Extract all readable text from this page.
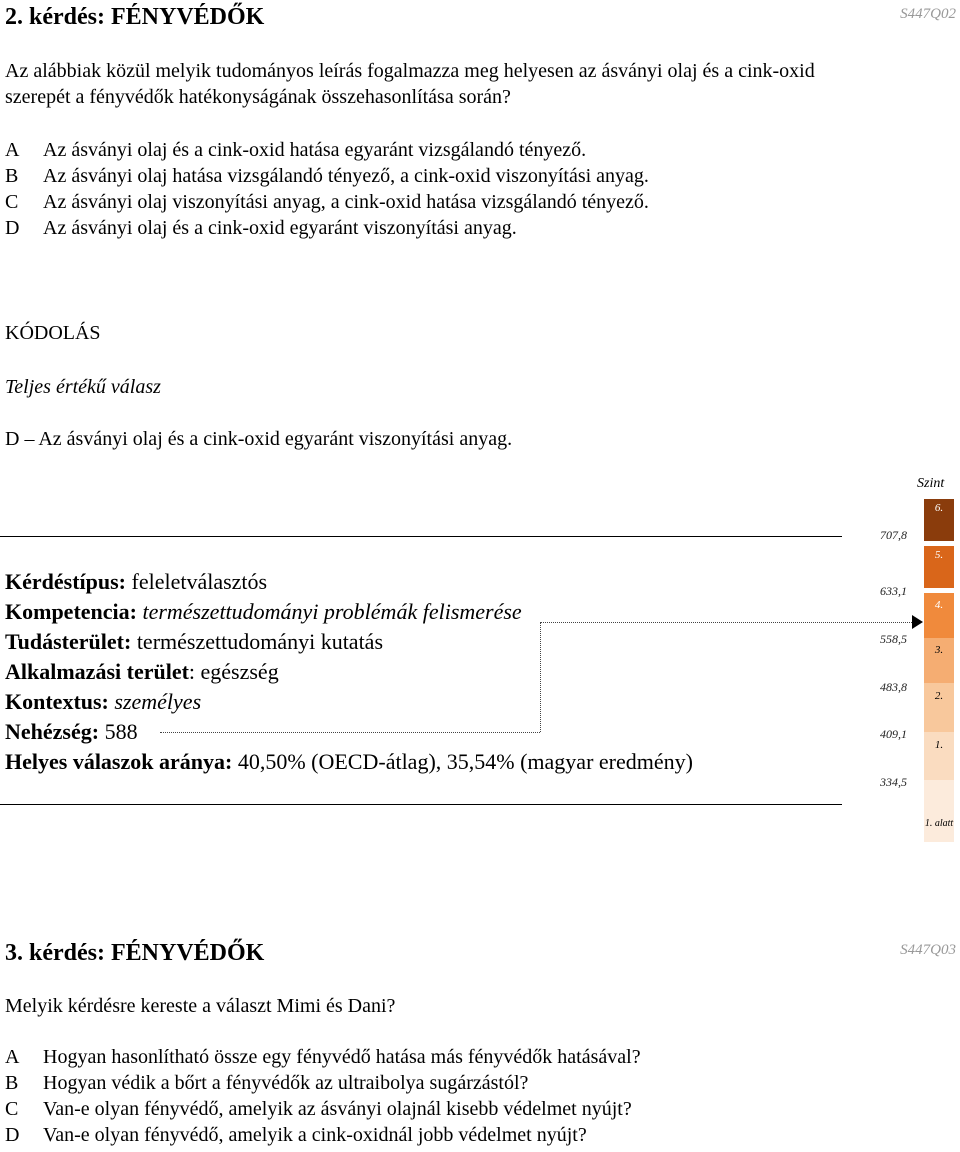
2. kérdés: FÉNYVÉDŐK	S447Q02
Az alábbiak közül melyik tudományos leírás fogalmazza meg helyesen az ásványi olaj és a cink-oxid
szerepét a fényvédők hatékonyságának összehasonlítása során?
A Az ásványi olaj és a cink-oxid hatása egyaránt vizsgálandó tényező.
B Az ásványi olaj hatása vizsgálandó tényező, a cink-oxid viszonyítási anyag.
C Az ásványi olaj viszonyítási anyag, a cink-oxid hatása vizsgálandó tényező.
D Az ásványi olaj és a cink-oxid egyaránt viszonyítási anyag.
KÓDOLÁS
Teljes értékű válasz
D – Az ásványi olaj és a cink-oxid egyaránt viszonyítási anyag.
Kérdéstípus: feleletválasztós
Kompetencia: természettudományi problémák felismerése
Tudásterület: természettudományi kutatás
Alkalmazási terület: egészség
Kontextus: személyes
Nehézség: 588
Helyes válaszok aránya: 40,50% (OECD-átlag), 35,54% (magyar eredmény)
Szint
6.
5.
4.
3.
2.
1.
1. alatt
707,8
633,1
558,5
483,8
409,1
334,5
3. kérdés: FÉNYVÉDŐK	S447Q03
Melyik kérdésre kereste a választ Mimi és Dani?
A Hogyan hasonlítható össze egy fényvédő hatása más fényvédők hatásával?
B Hogyan védik a bőrt a fényvédők az ultraibolya sugárzástól?
C Van-e olyan fényvédő, amelyik az ásványi olajnál kisebb védelmet nyújt?
D Van-e olyan fényvédő, amelyik a cink-oxidnál jobb védelmet nyújt?
